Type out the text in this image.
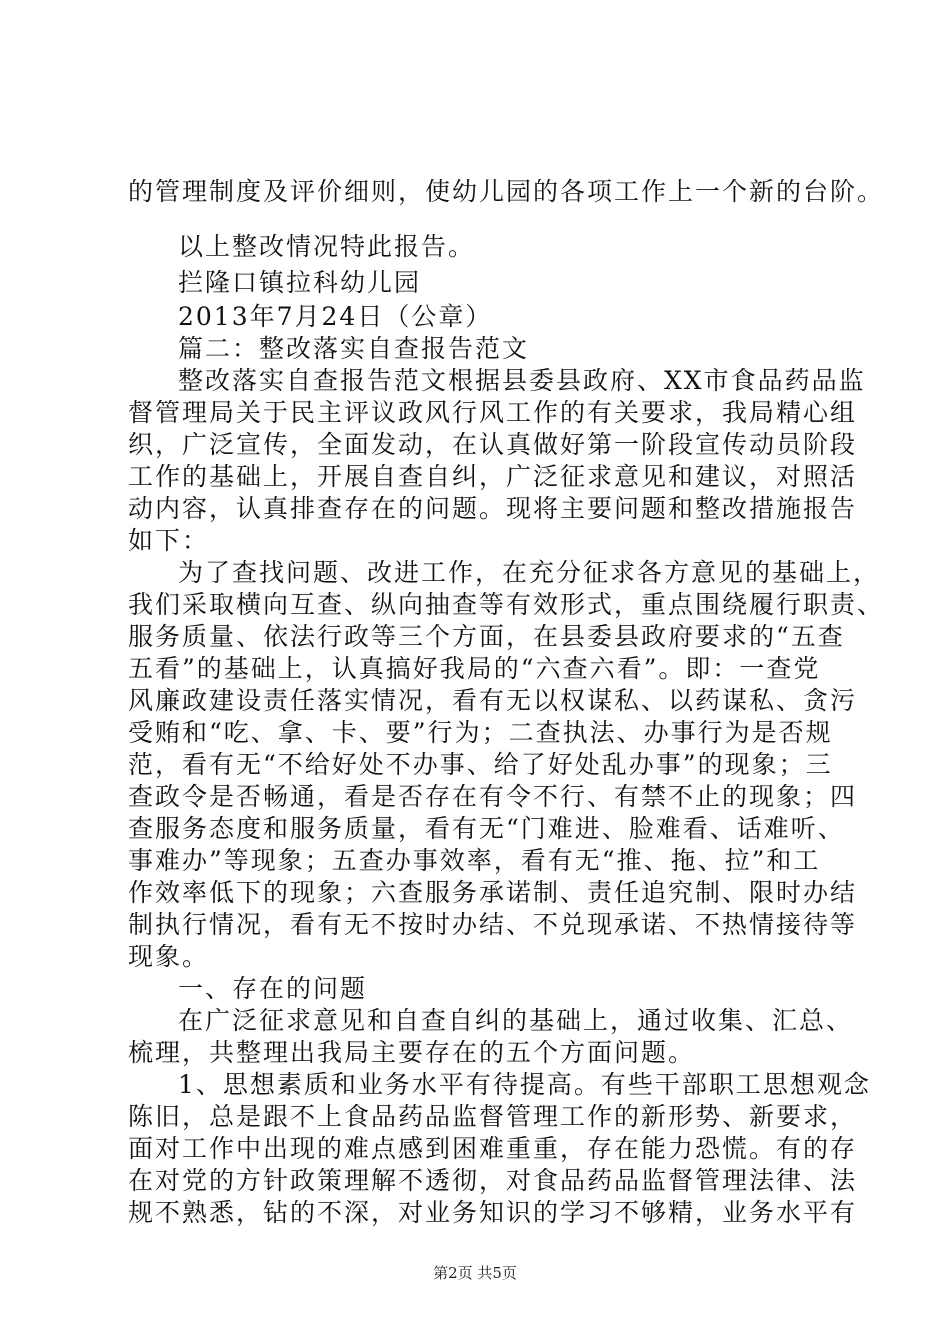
的管理制度及评价细则，使幼儿园的各项工作上一个新的台阶。
以上整改情况特此报告。
拦隆口镇拉科幼儿园
2013年7月24日（公章）
篇二：整改落实自查报告范文
整改落实自查报告范文根据县委县政府、XX市食品药品监
督管理局关于民主评议政风行风工作的有关要求，我局精心组
织，广泛宣传，全面发动，在认真做好第一阶段宣传动员阶段
工作的基础上，开展自查自纠，广泛征求意见和建议，对照活
动内容，认真排查存在的问题。现将主要问题和整改措施报告
如下：
为了查找问题、改进工作，在充分征求各方意见的基础上，
我们采取横向互查、纵向抽查等有效形式，重点围绕履行职责、
服务质量、依法行政等三个方面，在县委县政府要求的“五查
五看”的基础上，认真搞好我局的“六查六看”。即：一查党
风廉政建设责任落实情况，看有无以权谋私、以药谋私、贪污
受贿和“吃、拿、卡、要”行为；二查执法、办事行为是否规
范，看有无“不给好处不办事、给了好处乱办事”的现象；三
查政令是否畅通，看是否存在有令不行、有禁不止的现象；四
查服务态度和服务质量，看有无“门难进、脸难看、话难听、
事难办”等现象；五查办事效率，看有无“推、拖、拉”和工
作效率低下的现象；六查服务承诺制、责任追究制、限时办结
制执行情况，看有无不按时办结、不兑现承诺、不热情接待等
现象。
一、存在的问题
在广泛征求意见和自查自纠的基础上，通过收集、汇总、
梳理，共整理出我局主要存在的五个方面问题。
1、思想素质和业务水平有待提高。有些干部职工思想观念
陈旧，总是跟不上食品药品监督管理工作的新形势、新要求，
面对工作中出现的难点感到困难重重，存在能力恐慌。有的存
在对党的方针政策理解不透彻，对食品药品监督管理法律、法
规不熟悉，钻的不深，对业务知识的学习不够精，业务水平有
第2页 共5页
